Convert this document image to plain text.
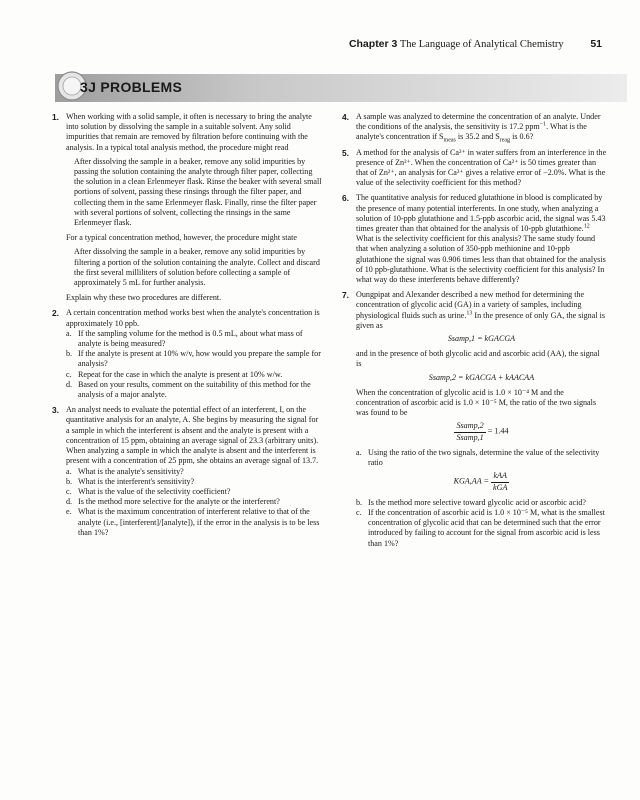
Chapter 3 The Language of Analytical Chemistry	51
3J PROBLEMS
1. When working with a solid sample, it often is necessary to bring the analyte into solution by dissolving the sample in a suitable solvent. Any solid impurities that remain are removed by filtration before continuing with the analysis. In a typical total analysis method, the procedure might read

After dissolving the sample in a beaker, remove any solid impurities by passing the solution containing the analyte through filter paper, collecting the solution in a clean Erlenmeyer flask. Rinse the beaker with several small portions of solvent, passing these rinsings through the filter paper, and collecting them in the same Erlenmeyer flask. Finally, rinse the filter paper with several portions of solvent, collecting the rinsings in the same Erlenmeyer flask.

For a typical concentration method, however, the procedure might state

After dissolving the sample in a beaker, remove any solid impurities by filtering a portion of the solution containing the analyte. Collect and discard the first several milliliters of solution before collecting a sample of approximately 5 mL for further analysis.

Explain why these two procedures are different.

2. A certain concentration method works best when the analyte's concentration is approximately 10 ppb.

a. If the sampling volume for the method is 0.5 mL, about what mass of analyte is being measured?
b. If the analyte is present at 10% w/v, how would you prepare the sample for analysis?
c. Repeat for the case in which the analyte is present at 10% w/w.
d. Based on your results, comment on the suitability of this method for the analysis of a major analyte.
3. An analyst needs to evaluate the potential effect of an interferent, I, on the quantitative analysis for an analyte, A. She begins by measuring the signal for a sample in which the interferent is absent and the analyte is present with a concentration of 15 ppm, obtaining an average signal of 23.3 (arbitrary units). When analyzing a sample in which the analyte is absent and the interferent is present with a concentration of 25 ppm, she obtains an average signal of 13.7.

a. What is the analyte's sensitivity?
b. What is the interferent's sensitivity?
c. What is the value of the selectivity coefficient?
d. Is the method more selective for the analyte or the interferent?
e. What is the maximum concentration of interferent relative to that of the analyte (i.e., [interferent]/[analyte]), if the error in the analysis is to be less than 1%?
4. A sample was analyzed to determine the concentration of an analyte. Under the conditions of the analysis, the sensitivity is 17.2 ppm$^{-1}$. What is the analyte's concentration if $S_{meas}$ is 35.2 and $S_{reag}$ is 0.6?

5. A method for the analysis of Ca²⁺ in water suffers from an interference in the presence of Zn²⁺. When the concentration of Ca²⁺ is 50 times greater than that of Zn²⁺, an analysis for Ca²⁺ gives a relative error of −2.0%. What is the value of the selectivity coefficient for this method?

6. The quantitative analysis for reduced glutathione in blood is complicated by the presence of many potential interferents. In one study, when analyzing a solution of 10-ppb glutathione and 1.5-ppb ascorbic acid, the signal was 5.43 times greater than that obtained for the analysis of 10-ppb glutathione.$^{12}$ What is the selectivity coefficient for this analysis? The same study found that when analyzing a solution of 350-ppb methionine and 10-ppb glutathione the signal was 0.906 times less than that obtained for the analysis of 10 ppb-glutathione. What is the selectivity coefficient for this analysis? In what way do these interferents behave differently?

7. Oungpipat and Alexander described a new method for determining the concentration of glycolic acid (GA) in a variety of samples, including physiological fluids such as urine.$^{13}$ In the presence of only GA, the signal is given as

Ssamp,1 = kGACGA

and in the presence of both glycolic acid and ascorbic acid (AA), the signal is

Ssamp,2 = kGACGA + kAACAA

When the concentration of glycolic acid is 1.0 × 10⁻⁴ M and the concentration of ascorbic acid is 1.0 × 10⁻⁵ M, the ratio of the two signals was found to be

$\frac{\text{Ssamp,2}}{\text{Ssamp,1}} = 1.44$
a. Using the ratio of the two signals, determine the value of the selectivity ratio
$KGA,AA = \frac{\text{kAA}}{\text{kGA}}$
b. Is the method more selective toward glycolic acid or ascorbic acid?
c. If the concentration of ascorbic acid is 1.0 × 10⁻⁵ M, what is the smallest concentration of glycolic acid that can be determined such that the error introduced by failing to account for the signal from ascorbic acid is less than 1%?
